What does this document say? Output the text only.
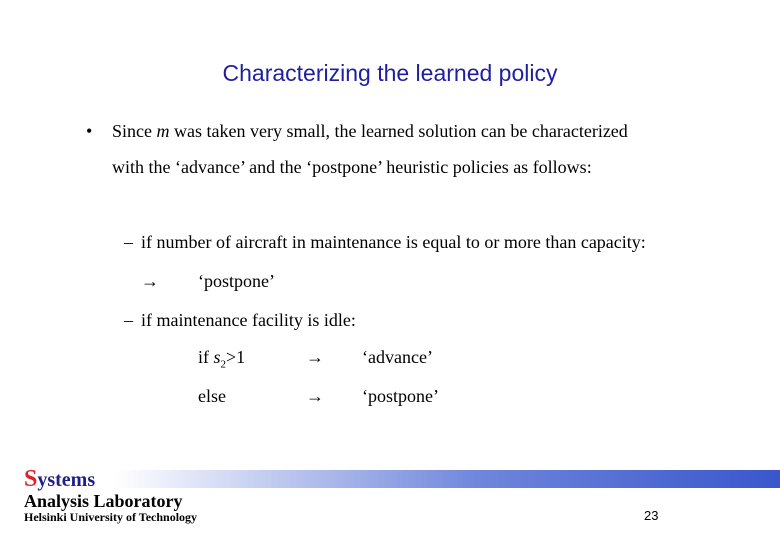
Characterizing the learned policy
• Since m was taken very small, the learned solution can be characterized
with the ‘advance’ and the ‘postpone’ heuristic policies as follows:
– if number of aircraft in maintenance is equal to or more than capacity:
→ ‘postpone’
– if maintenance facility is idle:
if $s_2>1$	→ ‘advance’
else	→ ‘postpone’
Systems
Analysis Laboratory
Helsinki University of Technology	23
